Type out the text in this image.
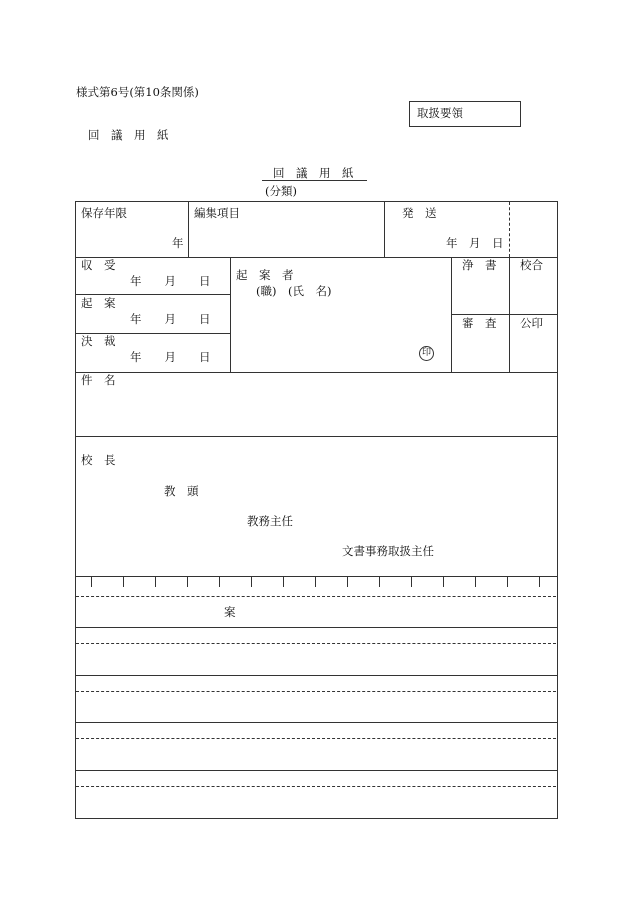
様式第6号(第10条関係)
取扱要領
回　議　用　紙
回　議　用　紙
(分類)
保存年限
年
編集項目	発　送
年　月　日
収　受
年　　月　　日
起　案
年　　月　　日
決　裁
年　　月　　日
起　案　者
(職)　(氏　名)
印
浄　書 校合
審　査 公印
件　名
校　長
教　頭
教務主任
文書事務取扱主任
案
